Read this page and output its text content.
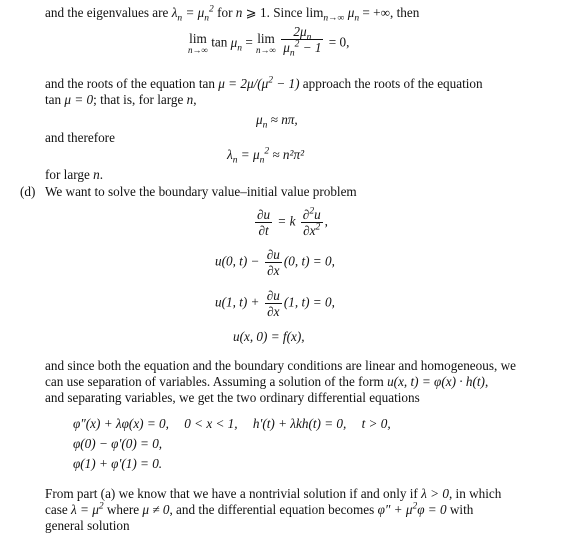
and the eigenvalues are $\lambda_n = \mu_n^2$ for n ⩾ 1. Since $\lim_{n\to\infty} \mu_n$ = +∞, then
lim
n→∞
$\tan \mu_n = \lim$
n→∞
$\frac{2\mu_n}{\mu_n^2 - 1} = 0$,
and the roots of the equation $\tan \mu = 2\mu/(\mu^2 - 1)$ approach the roots of the equation
tan μ = 0; that is, for large n,
$\mu_n \approx n\pi$,
and therefore
$\lambda_n = \mu_n^2 \approx n^2\pi^2$
for large n.
(d) We want to solve the boundary value–initial value problem
$\frac{\partial u}{\partial t} = k \frac{\partial^2u}{\partial x^2}$ ,
u(0, $t) - \frac{\partial u}{\partial x} (0$, t) = 0,
u(1, $t) + \frac{\partial u}{\partial x} (1$, t) = 0,
u(x, 0) = f(x),
and since both the equation and the boundary conditions are linear and homogeneous, we
can use separation of variables. Assuming a solution of the form u(x, t) = φ(x) · h(t),
and separating variables, we get the two ordinary differential equations
φ″(x) + λφ(x) = 0, 0 < x < 1, h′(t) + λkh(t) = 0, t > 0,
φ(0) − φ′(0) = 0,
φ(1) + φ′(1) = 0.
From part (a) we know that we have a nontrivial solution if and only if λ > 0, in which
case $\lambda = \mu^2$ where μ ≠ 0, and the differential equation becomes $\varphi'' + \mu^2\varphi = 0$ with
general solution
